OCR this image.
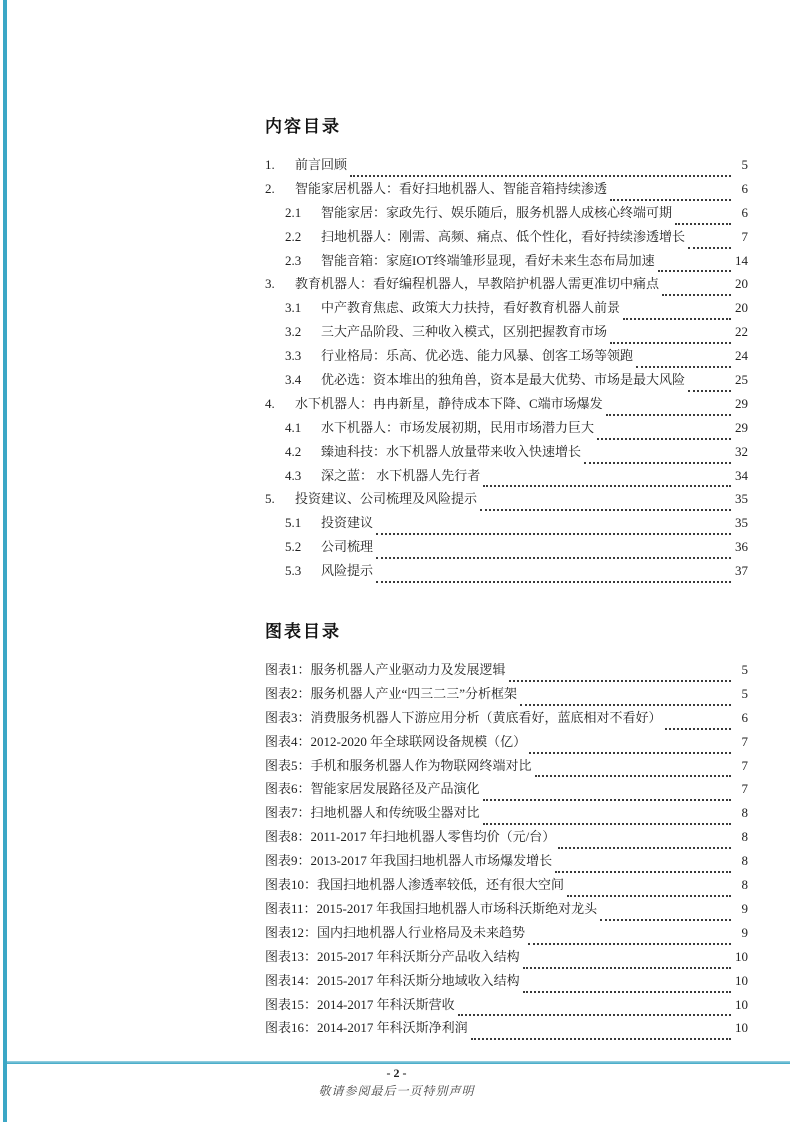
内容目录
1.	前言回顾	5
2.	智能家居机器人：看好扫地机器人、智能音箱持续渗透	6
2.1	智能家居：家政先行、娱乐随后，服务机器人成核心终端可期	6
2.2	扫地机器人：刚需、高频、痛点、低个性化，看好持续渗透增长	7
2.3	智能音箱：家庭IOT终端雏形显现，看好未来生态布局加速	14
3.	教育机器人：看好编程机器人，早教陪护机器人需更准切中痛点	20
3.1	中产教育焦虑、政策大力扶持，看好教育机器人前景	20
3.2	三大产品阶段、三种收入模式，区别把握教育市场	22
3.3	行业格局：乐高、优必选、能力风暴、创客工场等领跑	24
3.4	优必选：资本堆出的独角兽，资本是最大优势、市场是最大风险	25
4.	水下机器人：冉冉新星，静待成本下降、C端市场爆发	29
4.1	水下机器人：市场发展初期，民用市场潜力巨大	29
4.2	臻迪科技：水下机器人放量带来收入快速增长	32
4.3	深之蓝： 水下机器人先行者	34
5.	投资建议、公司梳理及风险提示	35
5.1	投资建议	35
5.2	公司梳理	36
5.3	风险提示	37
图表目录
图表1：服务机器人产业驱动力及发展逻辑	5
图表2：服务机器人产业“四三二三”分析框架	5
图表3：消费服务机器人下游应用分析（黄底看好，蓝底相对不看好）	6
图表4：2012-2020 年全球联网设备规模（亿）	7
图表5：手机和服务机器人作为物联网终端对比	7
图表6：智能家居发展路径及产品演化	7
图表7：扫地机器人和传统吸尘器对比	8
图表8：2011-2017 年扫地机器人零售均价（元/台）	8
图表9：2013-2017 年我国扫地机器人市场爆发增长	8
图表10：我国扫地机器人渗透率较低，还有很大空间	8
图表11：2015-2017 年我国扫地机器人市场科沃斯绝对龙头	9
图表12：国内扫地机器人行业格局及未来趋势	9
图表13：2015-2017 年科沃斯分产品收入结构	10
图表14：2015-2017 年科沃斯分地域收入结构	10
图表15：2014-2017 年科沃斯营收	10
图表16：2014-2017 年科沃斯净利润	10
- 2 -
敬请参阅最后一页特别声明
